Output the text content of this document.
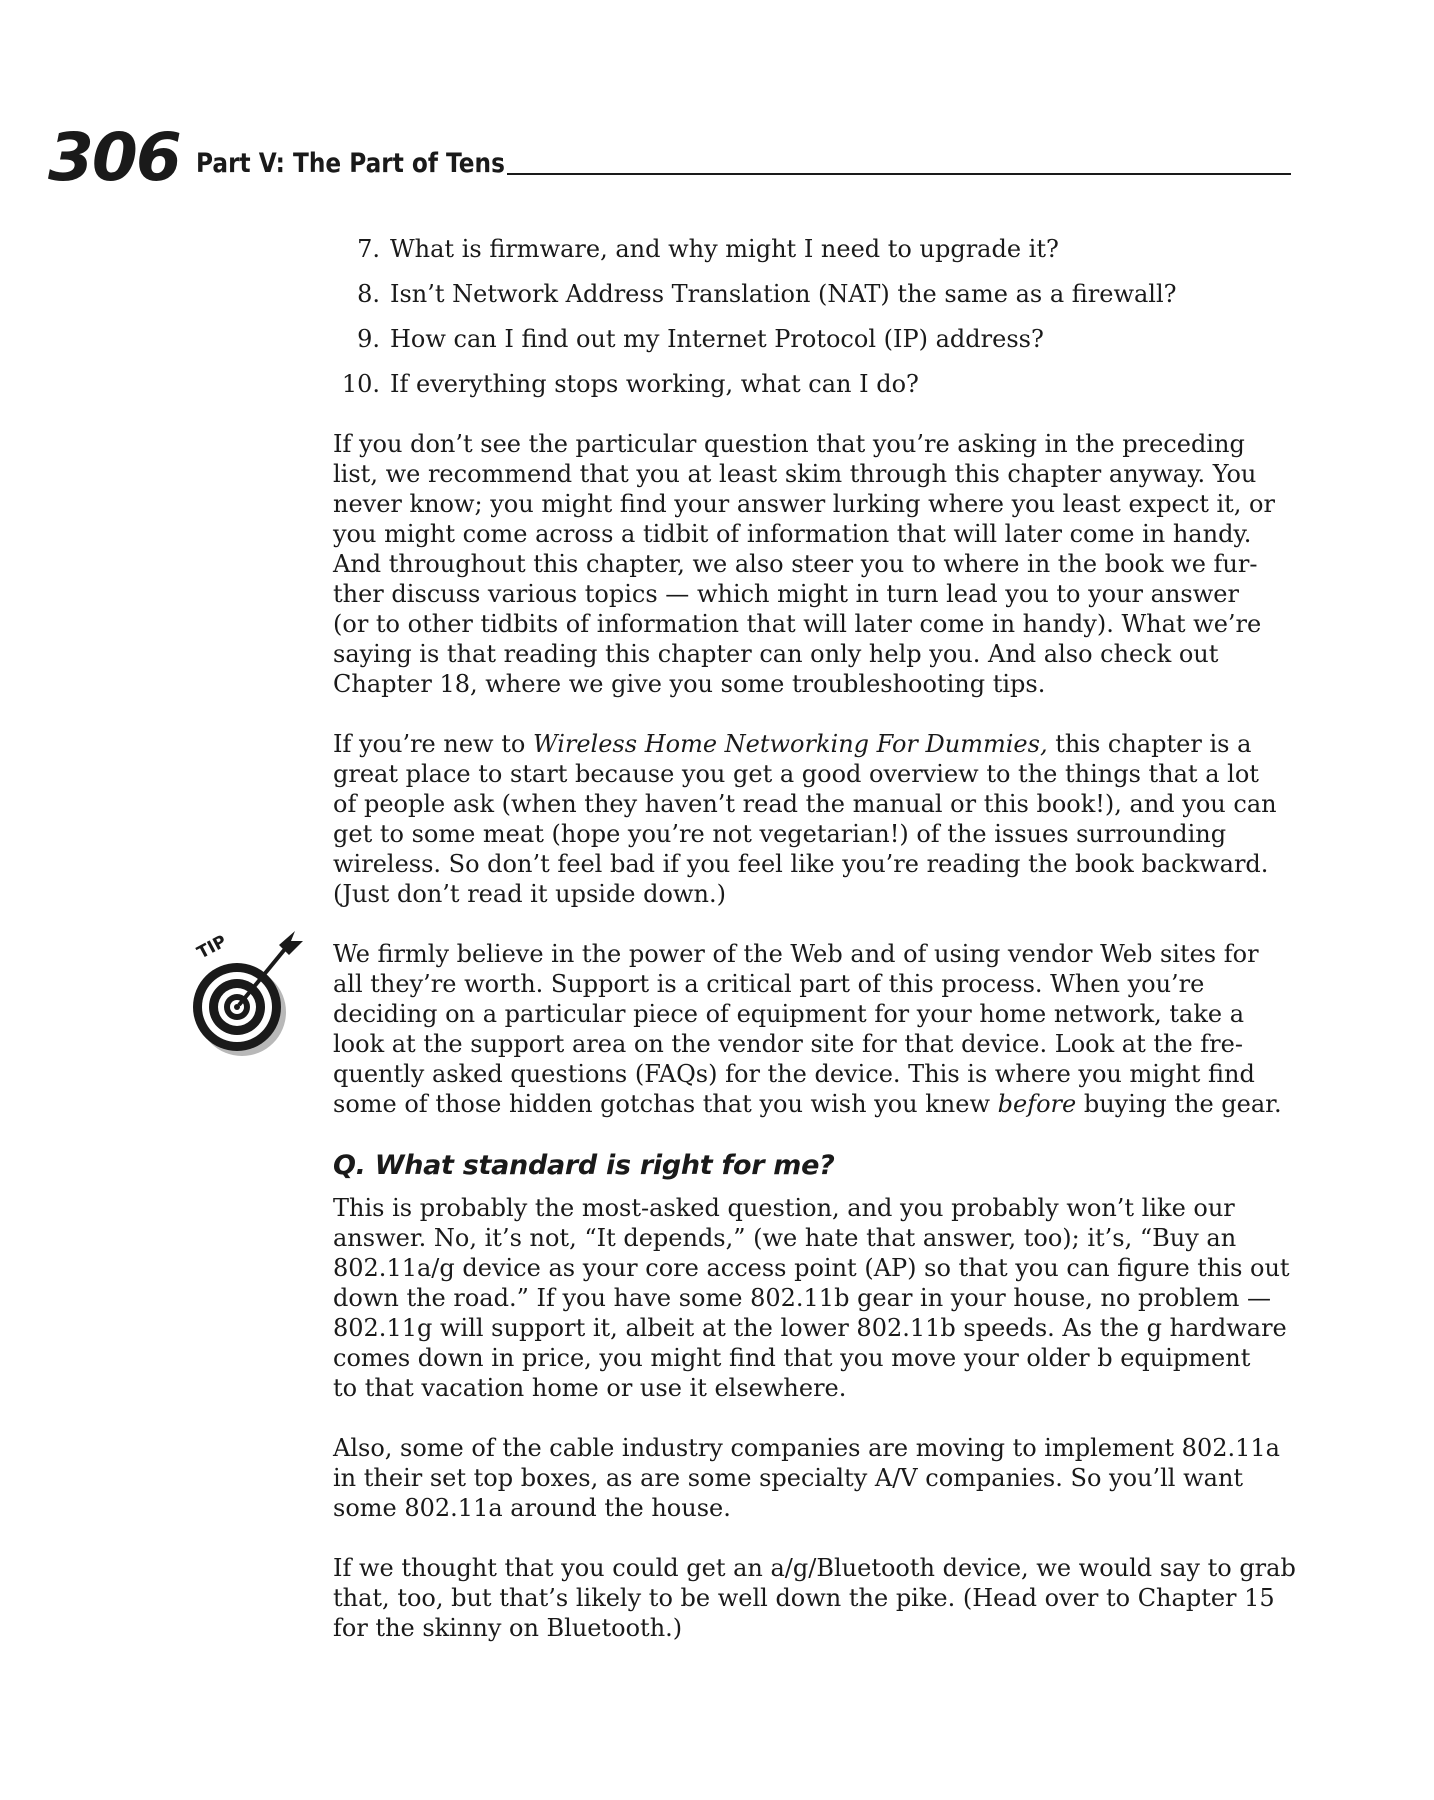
306 Part V: The Part of Tens
7. What is firmware, and why might I need to upgrade it?
8. Isn’t Network Address Translation (NAT) the same as a firewall?
9. How can I find out my Internet Protocol (IP) address?
10. If everything stops working, what can I do?

If you don’t see the particular question that you’re asking in the preceding
list, we recommend that you at least skim through this chapter anyway. You
never know; you might find your answer lurking where you least expect it, or
you might come across a tidbit of information that will later come in handy.
And throughout this chapter, we also steer you to where in the book we fur-
ther discuss various topics — which might in turn lead you to your answer
(or to other tidbits of information that will later come in handy). What we’re
saying is that reading this chapter can only help you. And also check out
Chapter 18, where we give you some troubleshooting tips.

If you’re new to Wireless Home Networking For Dummies, this chapter is a
great place to start because you get a good overview to the things that a lot
of people ask (when they haven’t read the manual or this book!), and you can
get to some meat (hope you’re not vegetarian!) of the issues surrounding
wireless. So don’t feel bad if you feel like you’re reading the book backward.
(Just don’t read it upside down.)

TIP	We firmly believe in the power of the Web and of using vendor Web sites for
all they’re worth. Support is a critical part of this process. When you’re
deciding on a particular piece of equipment for your home network, take a
look at the support area on the vendor site for that device. Look at the fre-
quently asked questions (FAQs) for the device. This is where you might find
some of those hidden gotchas that you wish you knew before buying the gear.

Q. What standard is right for me?

This is probably the most-asked question, and you probably won’t like our
answer. No, it’s not, “It depends,” (we hate that answer, too); it’s, “Buy an
802.11a/g device as your core access point (AP) so that you can figure this out
down the road.” If you have some 802.11b gear in your house, no problem —
802.11g will support it, albeit at the lower 802.11b speeds. As the g hardware
comes down in price, you might find that you move your older b equipment
to that vacation home or use it elsewhere.

Also, some of the cable industry companies are moving to implement 802.11a
in their set top boxes, as are some specialty A/V companies. So you’ll want
some 802.11a around the house.

If we thought that you could get an a/g/Bluetooth device, we would say to grab
that, too, but that’s likely to be well down the pike. (Head over to Chapter 15
for the skinny on Bluetooth.)
